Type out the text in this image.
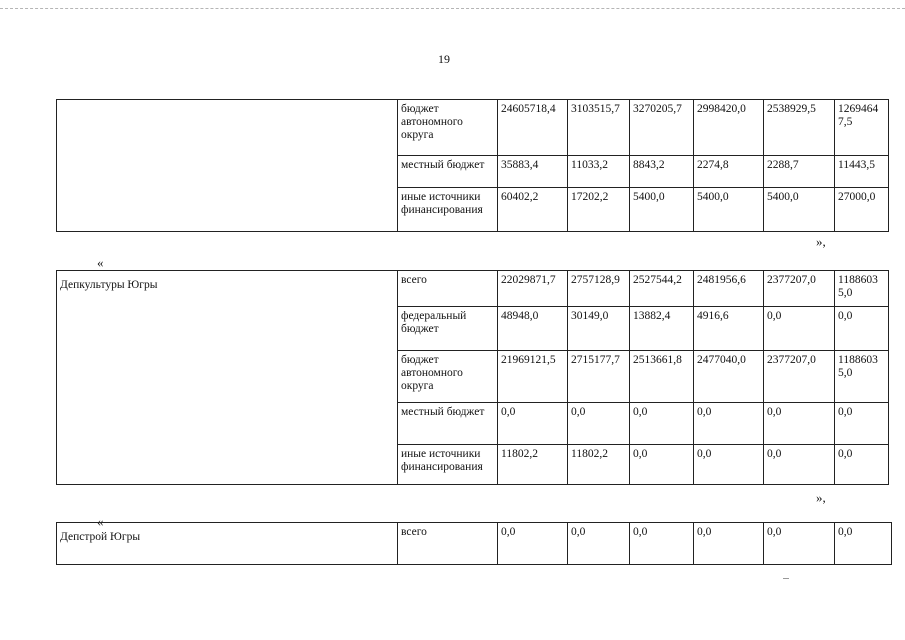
19
	бюджет автономного округа	24605718,4	3103515,7	3270205,7	2998420,0	2538929,5	12694647,5
	местный бюджет	35883,4	11033,2	8843,2	2274,8	2288,7	11443,5
	иные источники финансирования	60402,2	17202,2	5400,0	5400,0	5400,0	27000,0
»,
«
Депкультуры Югры	всего	22029871,7	2757128,9	2527544,2	2481956,6	2377207,0	11886035,0
	федеральный бюджет	48948,0	30149,0	13882,4	4916,6	0,0	0,0
	бюджет автономного округа	21969121,5	2715177,7	2513661,8	2477040,0	2377207,0	11886035,0
	местный бюджет	0,0	0,0	0,0	0,0	0,0	0,0
	иные источники финансирования	11802,2	11802,2	0,0	0,0	0,0	0,0
»,
«
Депстрой Югры	всего	0,0	0,0	0,0	0,0	0,0	0,0
